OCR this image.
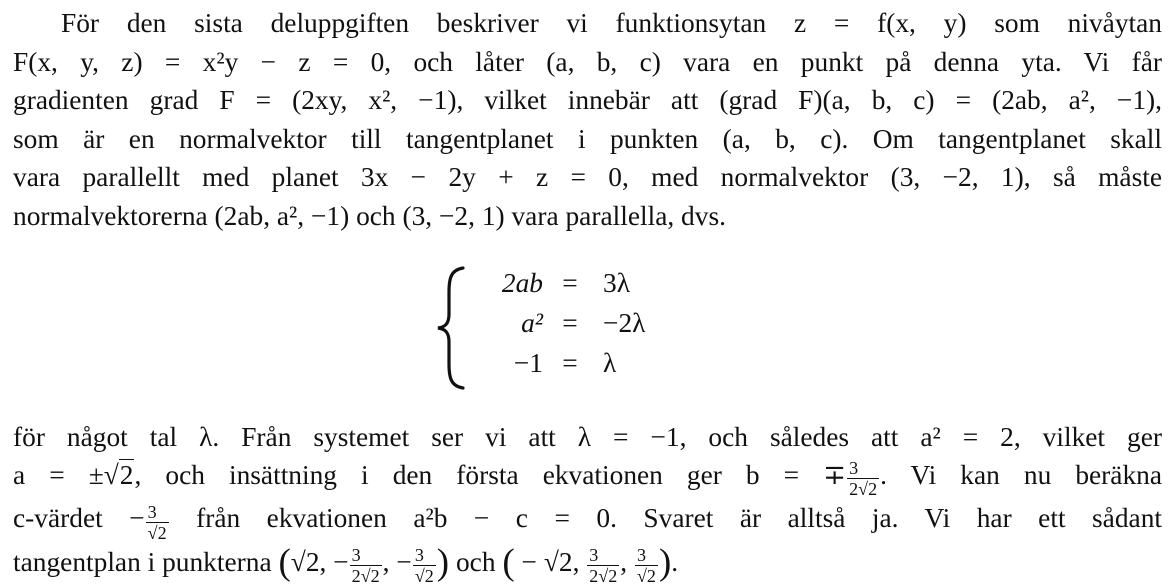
För den sista deluppgiften beskriver vi funktionsytan z = f(x, y) som nivåytan
F(x, y, z) = x²y − z = 0, och låter (a, b, c) vara en punkt på denna yta. Vi får
gradienten grad F = (2xy, x², −1), vilket innebär att (grad F)(a, b, c) = (2ab, a², −1),
som är en normalvektor till tangentplanet i punkten (a, b, c). Om tangentplanet skall
vara parallellt med planet 3x − 2y + z = 0, med normalvektor (3, −2, 1), så måste
normalvektorerna (2ab, a², −1) och (3, −2, 1) vara parallella, dvs.
2ab = 3λ
a² = −2λ
−1 = λ
för något tal λ. Från systemet ser vi att λ = −1, och således att a² = 2, vilket ger
a = ±√2, och insättning i den första ekvationen ger b = ∓ $\frac{3}{2√2}$ . Vi kan nu beräkna
c-värdet − $\frac{3}{√2}$ från ekvationen a²b − c = 0. Svaret är alltså ja. Vi har ett sådant
tangentplan i punkterna (√2, − $\frac{3}{2√2}$ , − $\frac{3}{√2}$ ) och ( − √2, $\frac{3}{2√2}$ , $\frac{3}{√2}$ ).
